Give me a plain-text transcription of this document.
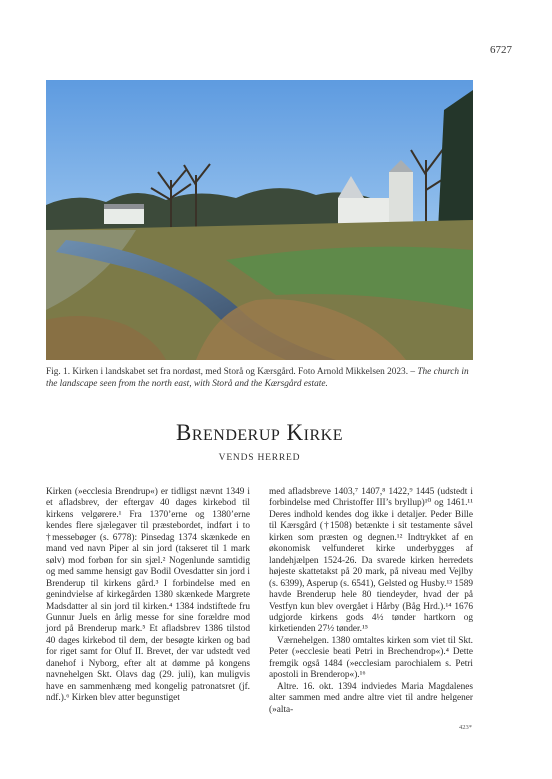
6727
Fig. 1. Kirken i landskabet set fra nordøst, med Storå og Kærsgård. Foto Arnold Mikkelsen 2023. – The church in the landscape seen from the north east, with Storå and the Kærsgård estate.
Brenderup Kirke
VENDS HERRED

Kirken (»ecclesia Brendrup«) er tidligst nævnt 1349 i et afladsbrev, der eftergav 40 dages kirkebod til kirkens velgørere.¹ Fra 1370’erne og 1380’erne kendes flere sjælegaver til præstebordet, indført i to †messebøger (s. 6778): Pinsedag 1374 skænkede en mand ved navn Piper al sin jord (takseret til 1 mark sølv) mod forbøn for sin sjæl.² Nogenlunde samtidig og med samme hensigt gav Bodil Ovesdatter sin jord i Brenderup til kirkens gård.³ I forbindelse med en genindvielse af kirkegården 1380 skænkede Margrete Madsdatter al sin jord til kirken.⁴ 1384 indstiftede fru Gunnur Juels en årlig messe for sine forældre mod jord på Brenderup mark.⁵ Et afladsbrev 1386 tilstod 40 dages kirkebod til dem, der besøgte kirken og bad for riget samt for Oluf II. Brevet, der var udstedt ved danehof i Nyborg, efter alt at dømme på kongens navnehelgen Skt. Olavs dag (29. juli), kan muligvis have en sammenhæng med kongelig patronatsret (jf. ndf.).⁶ Kirken blev atter begunstiget

med afladsbreve 1403,⁷ 1407,⁸ 1422,⁹ 1445 (udstedt i forbindelse med Christoffer III’s bryllup)¹⁰ og 1461.¹¹ Deres indhold kendes dog ikke i detaljer. Peder Bille til Kærsgård (†1508) betænkte i sit testamente såvel kirken som præsten og degnen.¹² Indtrykket af en økonomisk velfunderet kirke underbygges af landehjælpen 1524-26. Da svarede kirken herredets højeste skattetakst på 20 mark, på niveau med Vejlby (s. 6399), Asperup (s. 6541), Gelsted og Husby.¹³ 1589 havde Brenderup hele 80 tiendeyder, hvad der på Vestfyn kun blev overgået i Hårby (Båg Hrd.).¹⁴ 1676 udgjorde kirkens gods 4½ tønder hartkorn og kirketienden 27½ tønder.¹⁵

Værnehelgen. 1380 omtaltes kirken som viet til Skt. Peter (»ecclesie beati Petri in Brechendrop«).⁴ Dette fremgik også 1484 (»ecclesiam parochialem s. Petri apostoli in Brenderop«).¹⁶

Altre. 16. okt. 1394 indviedes Maria Magdalenes alter sammen med andre altre viet til andre helgener (»alta-

423*
